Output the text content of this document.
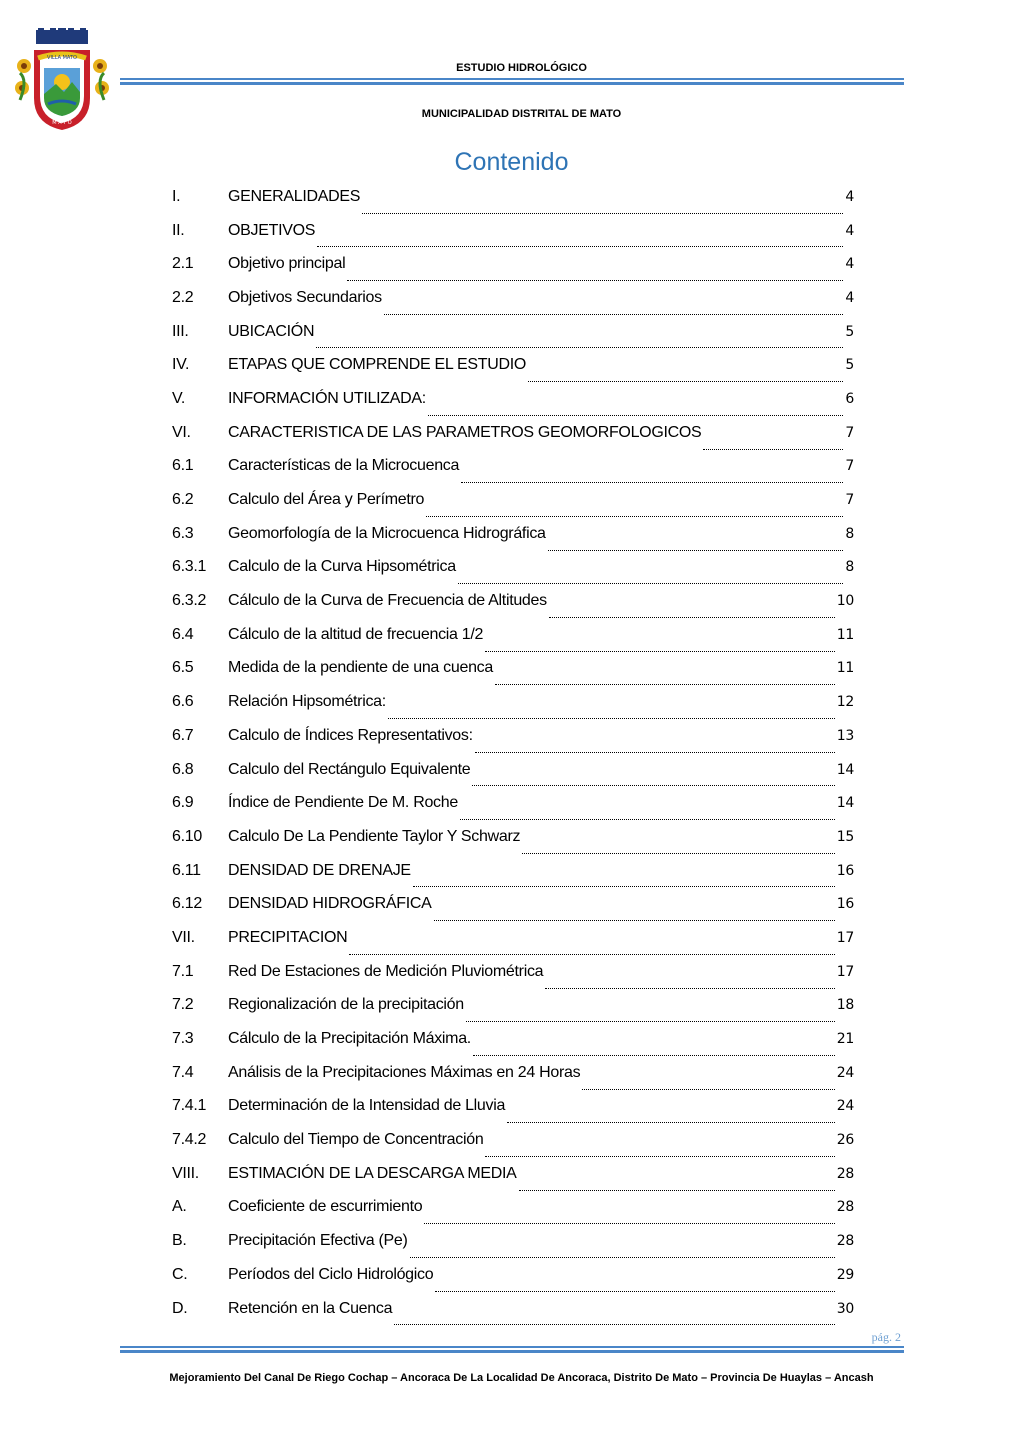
VILLA MATO
M A T O
ESTUDIO HIDROLÓGICO
MUNICIPALIDAD DISTRITAL DE MATO
Contenido
I.	GENERALIDADES	4
II.	OBJETIVOS	4
2.1	Objetivo principal	4
2.2	Objetivos Secundarios	4
III.	UBICACIÓN	5
IV.	ETAPAS QUE COMPRENDE EL ESTUDIO	5
V.	INFORMACIÓN UTILIZADA:	6
VI.	CARACTERISTICA DE LAS PARAMETROS GEOMORFOLOGICOS	7
6.1	Características de la Microcuenca	7
6.2	Calculo del Área y Perímetro	7
6.3	Geomorfología de la Microcuenca Hidrográfica	8
6.3.1	Calculo de la Curva Hipsométrica	8
6.3.2	Cálculo de la Curva de Frecuencia de Altitudes	10
6.4	Cálculo de la altitud de frecuencia 1/2	11
6.5	Medida de la pendiente de una cuenca	11
6.6	Relación Hipsométrica:	12
6.7	Calculo de Índices Representativos:	13
6.8	Calculo del Rectángulo Equivalente	14
6.9	Índice de Pendiente De M. Roche	14
6.10	Calculo De La Pendiente Taylor Y Schwarz	15
6.11	DENSIDAD DE DRENAJE	16
6.12	DENSIDAD HIDROGRÁFICA	16
VII.	PRECIPITACION	17
7.1	Red De Estaciones de Medición Pluviométrica	17
7.2	Regionalización de la precipitación	18
7.3	Cálculo de la Precipitación Máxima.	21
7.4	Análisis de la Precipitaciones Máximas en 24 Horas	24
7.4.1	Determinación de la Intensidad de Lluvia	24
7.4.2	Calculo del Tiempo de Concentración	26
VIII.	ESTIMACIÓN DE LA DESCARGA MEDIA	28
A.	Coeficiente de escurrimiento	28
B.	Precipitación Efectiva (Pe)	28
C.	Períodos del Ciclo Hidrológico	29
D.	Retención en la Cuenca	30
pág. 2
Mejoramiento Del Canal De Riego Cochap – Ancoraca De La Localidad De Ancoraca, Distrito De Mato – Provincia De Huaylas – Ancash
